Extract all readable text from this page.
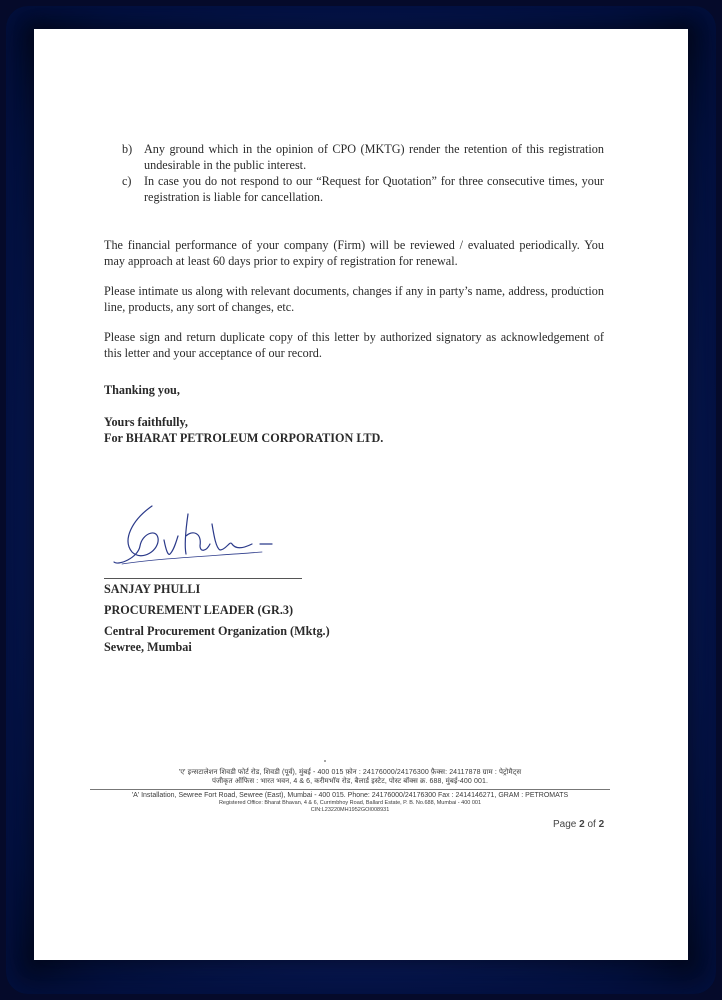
b) Any ground which in the opinion of CPO (MKTG) render the retention of this registration undesirable in the public interest.
c) In case you do not respond to our “Request for Quotation” for three consecutive times, your registration is liable for cancellation.

The financial performance of your company (Firm) will be reviewed / evaluated periodically. You may approach at least 60 days prior to expiry of registration for renewal.

Please intimate us along with relevant documents, changes if any in party’s name, address, production line, products, any sort of changes, etc.

Please sign and return duplicate copy of this letter by authorized signatory as acknowledgement of this letter and your acceptance of our record.

Thanking you,

Yours faithfully,
For BHARAT PETROLEUM CORPORATION LTD.
SANJAY PHULLI
PROCUREMENT LEADER (GR.3)
Central Procurement Organization (Mktg.)
Sewree, Mumbai
'ए' इन्सटालेशन शिवडी फोर्ट रोड, शिवडी (पूर्व), मुंबई - 400 015 फ़ोन : 24176000/24176300 फ़ैक्स: 24117878 ग्राम : पेट्रोमैट्स
पंजीकृत ऑफिस : भारत भवन, 4 & 6, करीमभॉय रोड, बैलार्ड इस्टेट, पोस्ट बॉक्स क्र. 688, मुंबई-400 001.
'A' Installation, Sewree Fort Road, Sewree (East), Mumbai - 400 015. Phone: 24176000/24176300 Fax : 2414146271, GRAM : PETROMATS
Registered Office: Bharat Bhavan, 4 & 6, Currimbhoy Road, Ballard Estate, P. B. No.688, Mumbai - 400 001
CIN:L23220MH1952GOI008931
Page 2 of 2
